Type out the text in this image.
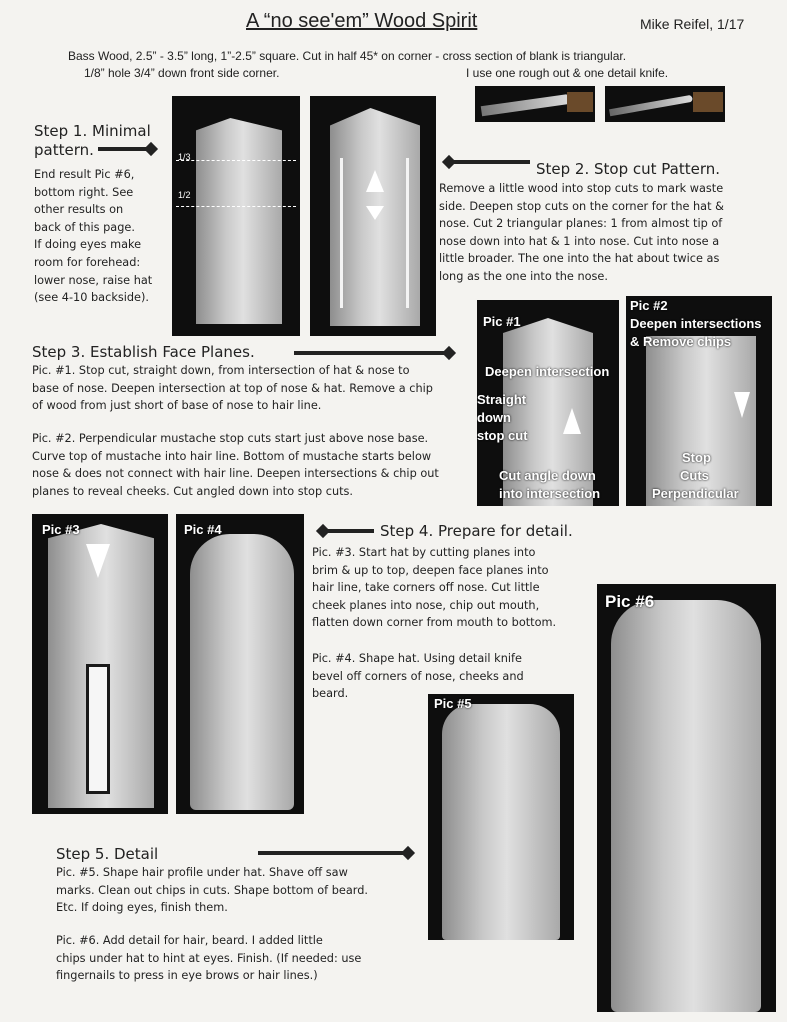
A “no see'em” Wood Spirit	Mike Reifel, 1/17
Bass Wood, 2.5” - 3.5” long, 1”-2.5” square. Cut in half 45* on corner - cross section of blank is triangular.
1/8” hole 3/4” down front side corner.	I use one rough out & one detail knife.
Step 1. Minimal
pattern.
End result Pic #6,
bottom right. See
other results on
back of this page.
If doing eyes make
room for forehead:
lower nose, raise hat
(see 4-10 backside).
1/3
1/2
Step 2. Stop cut Pattern.
Remove a little wood into stop cuts to mark waste
side. Deepen stop cuts on the corner for the hat &
nose. Cut 2 triangular planes: 1 from almost tip of
nose down into hat & 1 into nose. Cut into nose a
little broader. The one into the hat about twice as
long as the one into the nose.
Step 3. Establish Face Planes.
Pic. #1. Stop cut, straight down, from intersection of hat & nose to
base of nose. Deepen intersection at top of nose & hat. Remove a chip
of wood from just short of base of nose to hair line.
Pic. #2. Perpendicular mustache stop cuts start just above nose base.
Curve top of mustache into hair line. Bottom of mustache starts below
nose & does not connect with hair line. Deepen intersections & chip out
planes to reveal cheeks. Cut angled down into stop cuts.
Pic #1
Deepen intersection
Straight
down
stop cut
Cut angle down
into intersection
Pic #2
Deepen intersections
& Remove chips
Stop
Cuts
Perpendicular
Pic #3	Pic #4	Step 4. Prepare for detail.
Pic. #3. Start hat by cutting planes into
brim & up to top, deepen face planes into
hair line, take corners off nose. Cut little
cheek planes into nose, chip out mouth,
flatten down corner from mouth to bottom.
Pic. #4. Shape hat. Using detail knife
bevel off corners of nose, cheeks and
beard.
Pic #5
Pic #6
Step 5. Detail
Pic. #5. Shape hair profile under hat. Shave off saw
marks. Clean out chips in cuts. Shape bottom of beard.
Etc. If doing eyes, finish them.
Pic. #6. Add detail for hair, beard. I added little
chips under hat to hint at eyes. Finish. (If needed: use
fingernails to press in eye brows or hair lines.)
